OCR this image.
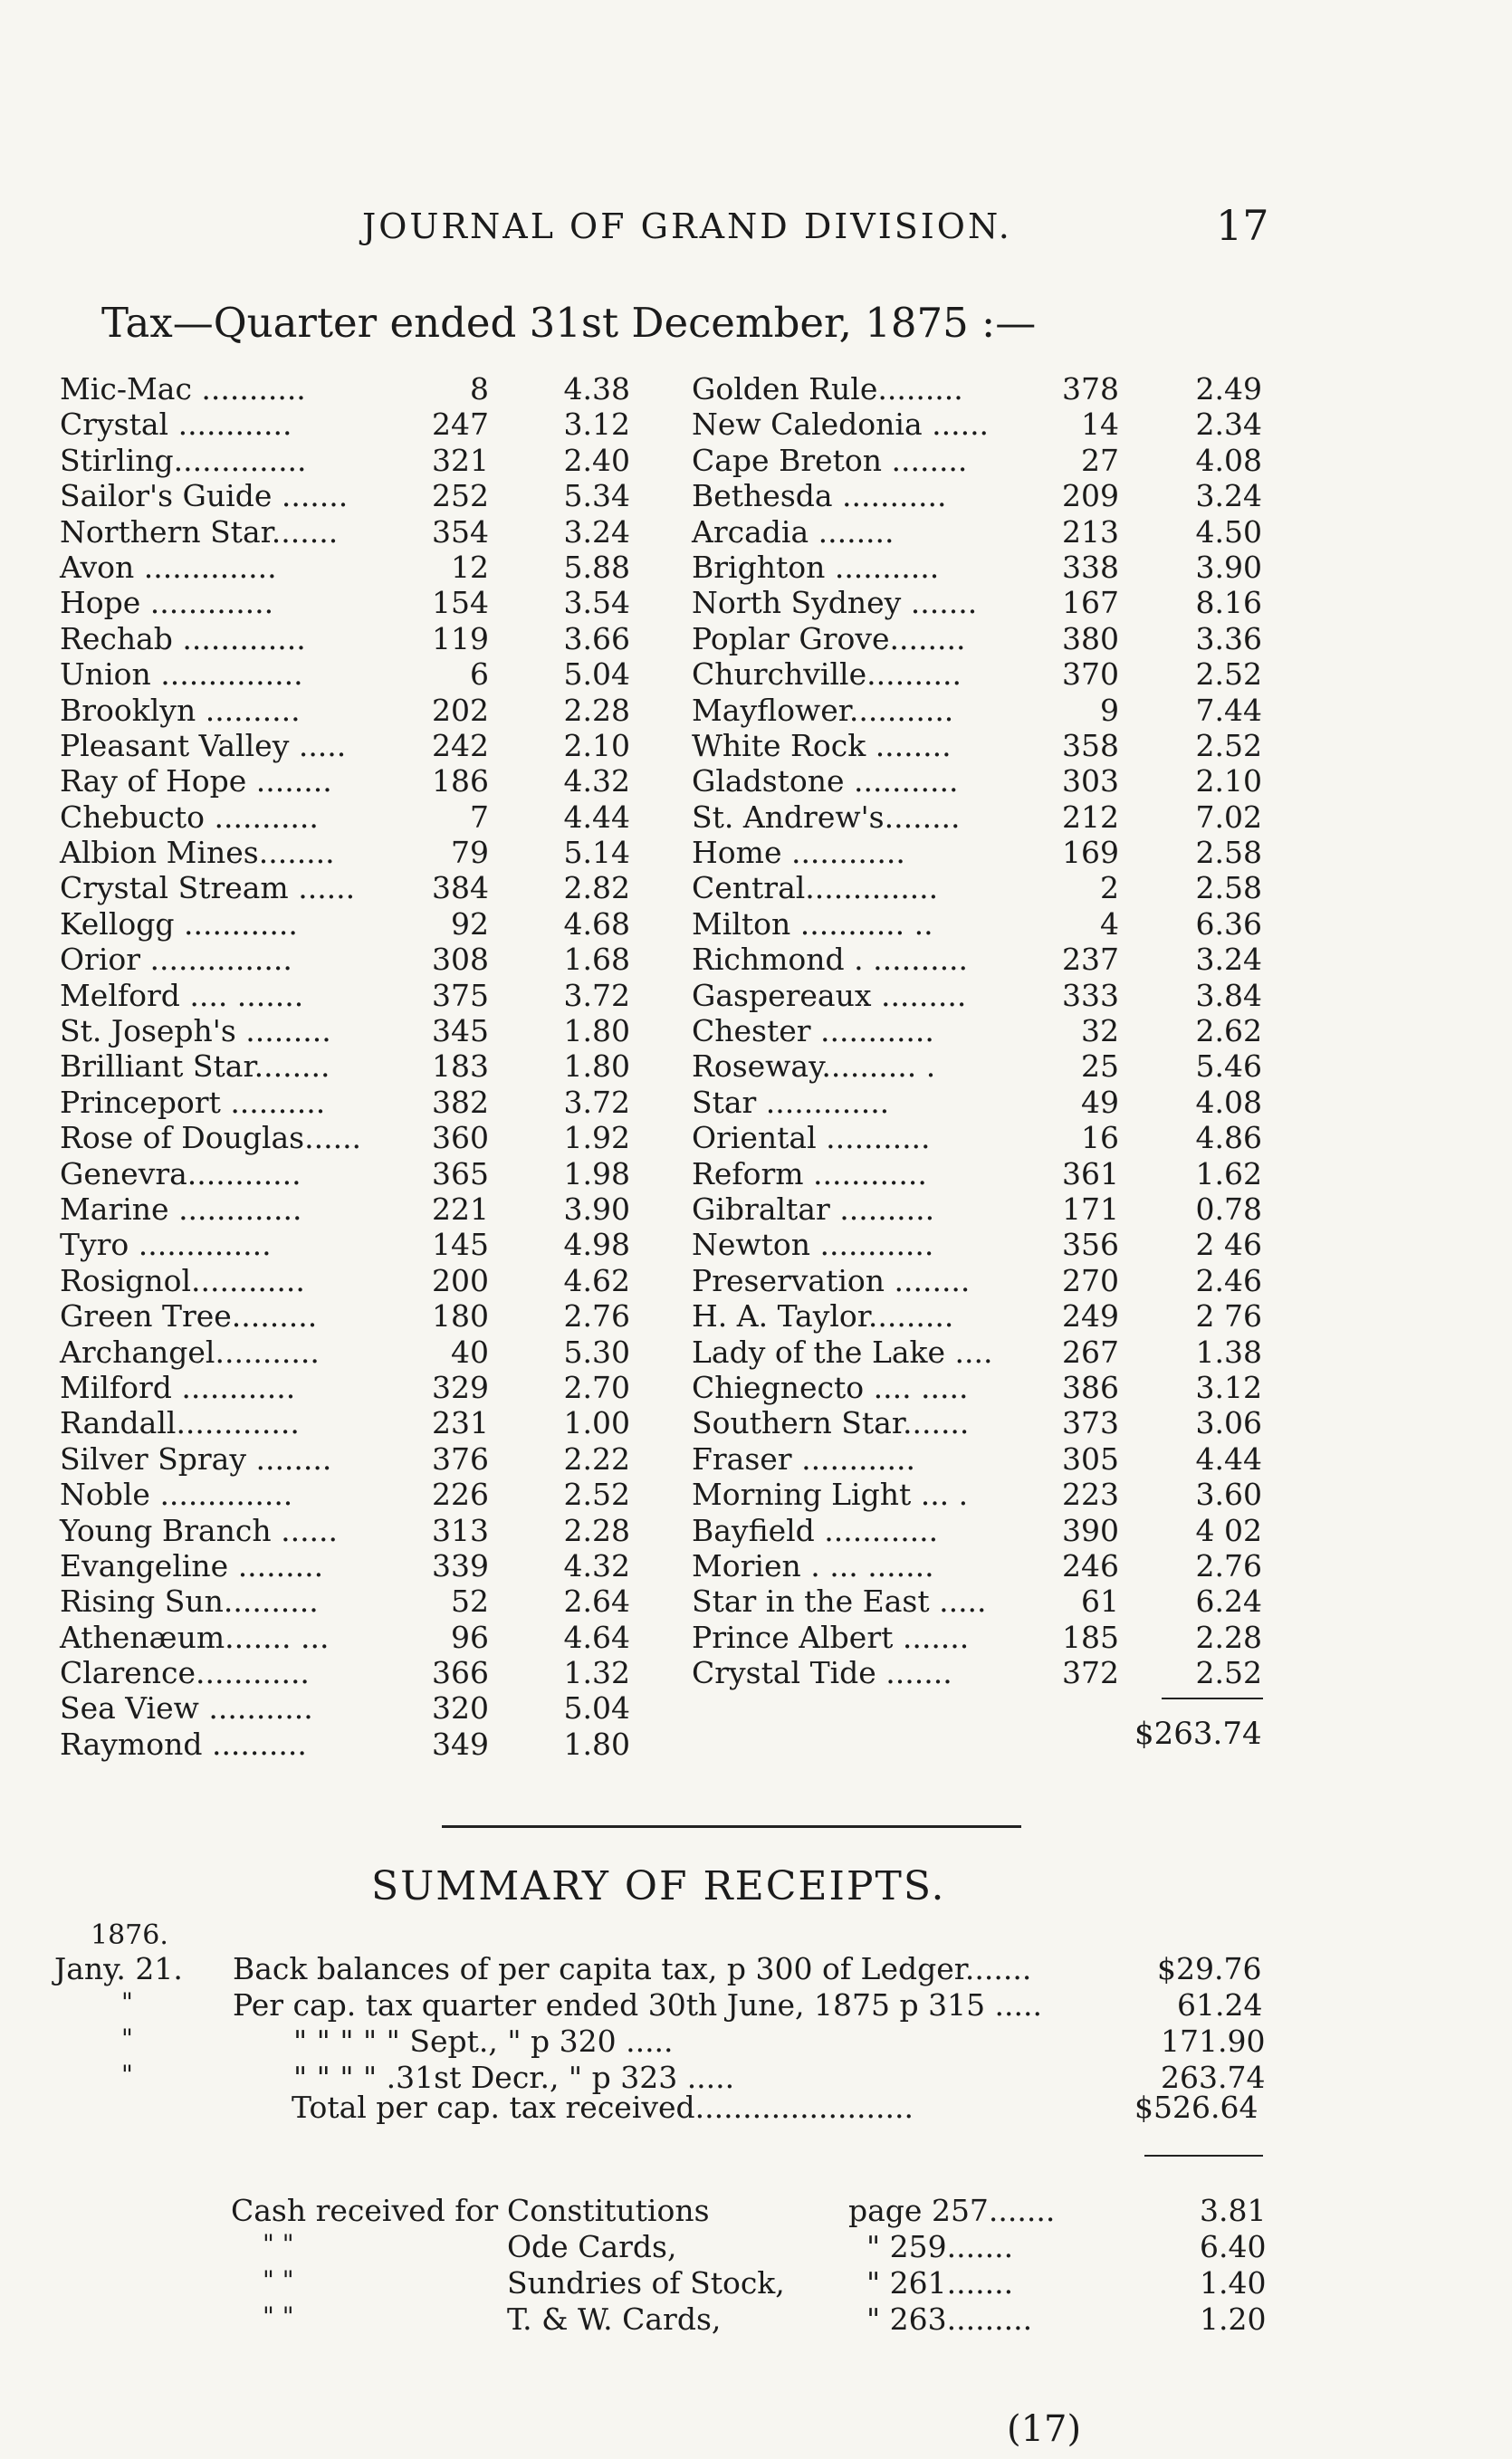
JOURNAL OF GRAND DIVISION.	17
Tax—Quarter ended 31st December, 1875 :—
Mic-Mac ...........	8	4.38
Crystal ............	247	3.12
Stirling..............	321	2.40
Sailor's Guide .......	252	5.34
Northern Star.......	354	3.24
Avon ..............	12	5.88
Hope .............	154	3.54
Rechab .............	119	3.66
Union ...............	6	5.04
Brooklyn ..........	202	2.28
Pleasant Valley .....	242	2.10
Ray of Hope ........	186	4.32
Chebucto ...........	7	4.44
Albion Mines........	79	5.14
Crystal Stream ......	384	2.82
Kellogg ............	92	4.68
Orior ...............	308	1.68
Melford .... .......	375	3.72
St. Joseph's .........	345	1.80
Brilliant Star........	183	1.80
Princeport ..........	382	3.72
Rose of Douglas......	360	1.92
Genevra............	365	1.98
Marine .............	221	3.90
Tyro ..............	145	4.98
Rosignol............	200	4.62
Green Tree.........	180	2.76
Archangel...........	40	5.30
Milford ............	329	2.70
Randall.............	231	1.00
Silver Spray ........	376	2.22
Noble ..............	226	2.52
Young Branch ......	313	2.28
Evangeline .........	339	4.32
Rising Sun..........	52	2.64
Athenæum....... ...	96	4.64
Clarence............	366	1.32
Sea View ...........	320	5.04
Raymond ..........	349	1.80
Golden Rule.........	378	2.49
New Caledonia ......	14	2.34
Cape Breton ........	27	4.08
Bethesda ...........	209	3.24
Arcadia ........	213	4.50
Brighton ...........	338	3.90
North Sydney .......	167	8.16
Poplar Grove........	380	3.36
Churchville..........	370	2.52
Mayflower...........	9	7.44
White Rock ........	358	2.52
Gladstone ...........	303	2.10
St. Andrew's........	212	7.02
Home ............	169	2.58
Central..............	2	2.58
Milton ........... ..	4	6.36
Richmond . ..........	237	3.24
Gaspereaux .........	333	3.84
Chester ............	32	2.62
Roseway.......... .	25	5.46
Star .............	49	4.08
Oriental ...........	16	4.86
Reform ............	361	1.62
Gibraltar ..........	171	0.78
Newton ............	356	2 46
Preservation ........	270	2.46
H. A. Taylor.........	249	2 76
Lady of the Lake ....	267	1.38
Chiegnecto .... .....	386	3.12
Southern Star.......	373	3.06
Fraser ............	305	4.44
Morning Light ... .	223	3.60
Bayfield ............	390	4 02
Morien . ... .......	246	2.76
Star in the East .....	61	6.24
Prince Albert .......	185	2.28
Crystal Tide .......	372	2.52
$263.74
SUMMARY OF RECEIPTS.
1876.
Jany. 21. Back balances of per capita tax, p 300 of Ledger.......	$29.76
"	Per cap. tax quarter ended 30th June, 1875 p 315 .....	61.24
"	" " " " " Sept., " p 320 .....	171.90
"	" " " " .31st Decr., " p 323 .....	263.74
Total per cap. tax received.......................	$526.64
Cash received for Constitutions	page 257.......	3.81
" "	Ode Cards,	" 259.......	6.40
" "	Sundries of Stock,	" 261.......	1.40
" "	T. & W. Cards,	" 263.........	1.20
(17)
